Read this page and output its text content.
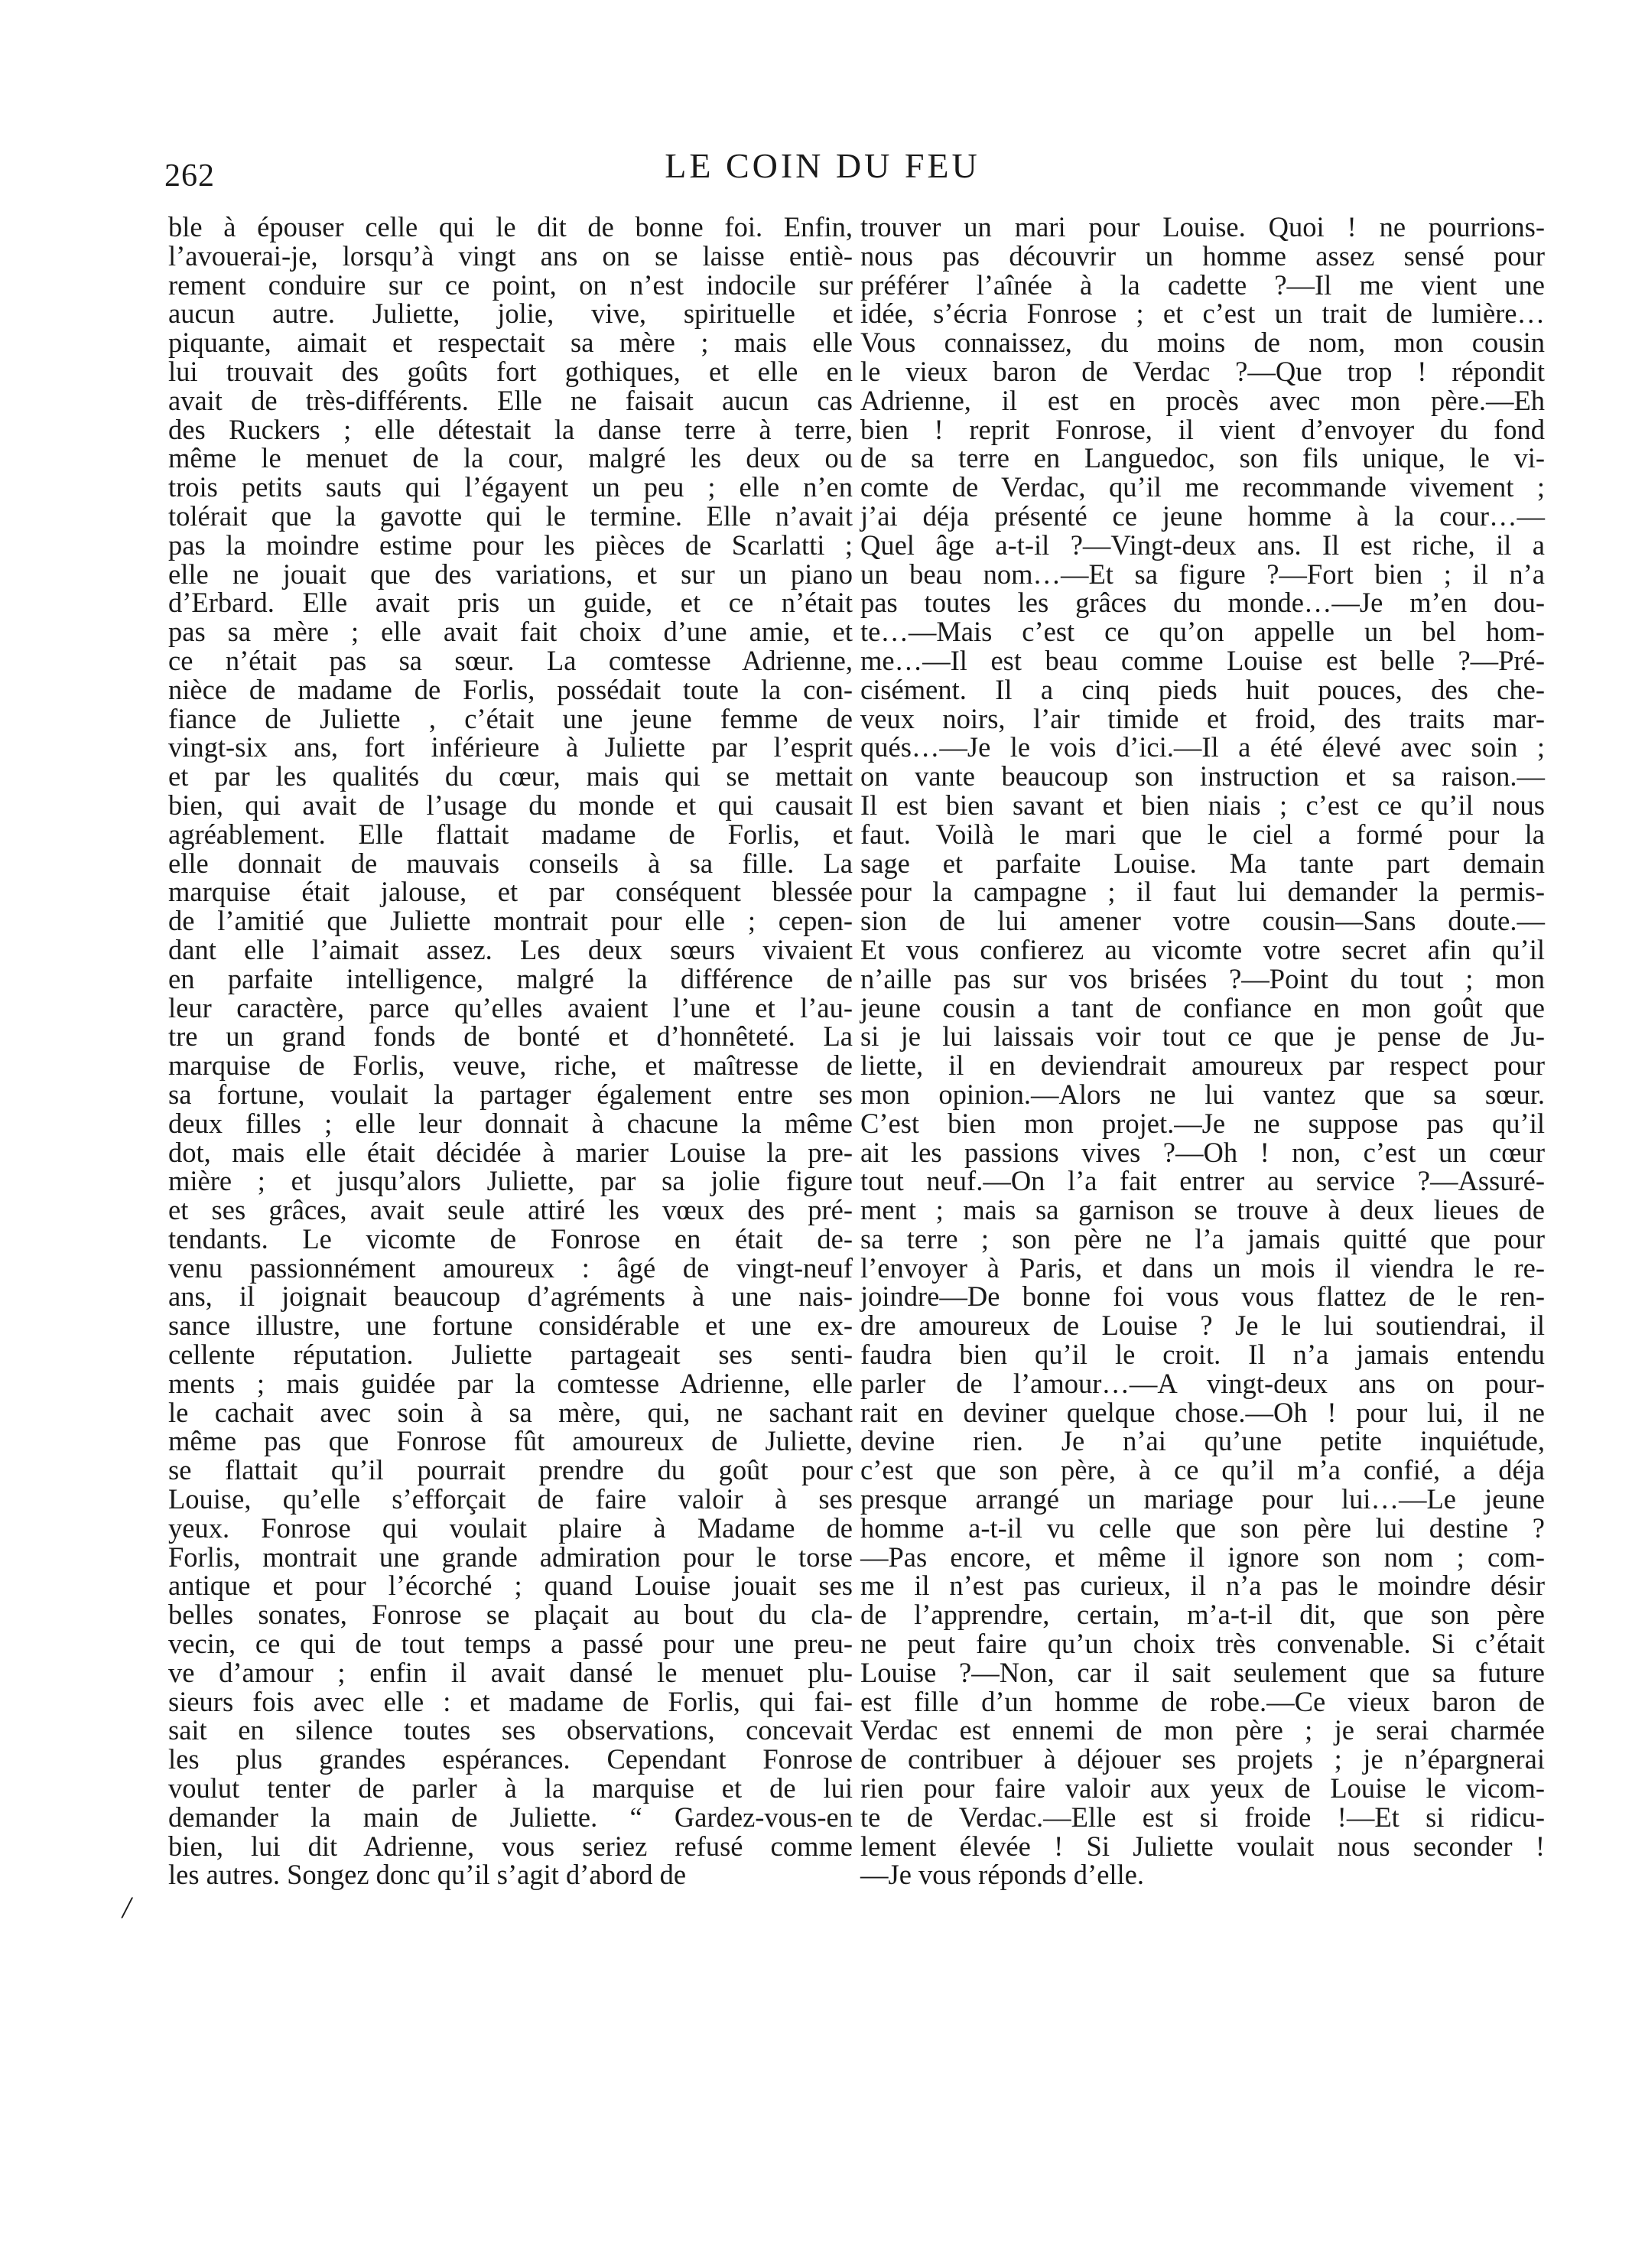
262	LE COIN DU FEU
/
ble à épouser celle qui le dit de bonne foi. Enfin,
l’avouerai-je, lorsqu’à vingt ans on se laisse entiè-
rement conduire sur ce point, on n’est indocile sur
aucun autre. Juliette, jolie, vive, spirituelle et
piquante, aimait et respectait sa mère ; mais elle
lui trouvait des goûts fort gothiques, et elle en
avait de très-différents. Elle ne faisait aucun cas
des Ruckers ; elle détestait la danse terre à terre,
même le menuet de la cour, malgré les deux ou
trois petits sauts qui l’égayent un peu ; elle n’en
tolérait que la gavotte qui le termine. Elle n’avait
pas la moindre estime pour les pièces de Scarlatti ;
elle ne jouait que des variations, et sur un piano
d’Erbard. Elle avait pris un guide, et ce n’était
pas sa mère ; elle avait fait choix d’une amie, et
ce n’était pas sa sœur. La comtesse Adrienne,
nièce de madame de Forlis, possédait toute la con-
fiance de Juliette , c’était une jeune femme de
vingt-six ans, fort inférieure à Juliette par l’esprit
et par les qualités du cœur, mais qui se mettait
bien, qui avait de l’usage du monde et qui causait
agréablement. Elle flattait madame de Forlis, et
elle donnait de mauvais conseils à sa fille. La
marquise était jalouse, et par conséquent blessée
de l’amitié que Juliette montrait pour elle ; cepen-
dant elle l’aimait assez. Les deux sœurs vivaient
en parfaite intelligence, malgré la différence de
leur caractère, parce qu’elles avaient l’une et l’au-
tre un grand fonds de bonté et d’honnêteté. La
marquise de Forlis, veuve, riche, et maîtresse de
sa fortune, voulait la partager également entre ses
deux filles ; elle leur donnait à chacune la même
dot, mais elle était décidée à marier Louise la pre-
mière ; et jusqu’alors Juliette, par sa jolie figure
et ses grâces, avait seule attiré les vœux des pré-
tendants. Le vicomte de Fonrose en était de-
venu passionnément amoureux : âgé de vingt-neuf
ans, il joignait beaucoup d’agréments à une nais-
sance illustre, une fortune considérable et une ex-
cellente réputation. Juliette partageait ses senti-
ments ; mais guidée par la comtesse Adrienne, elle
le cachait avec soin à sa mère, qui, ne sachant
même pas que Fonrose fût amoureux de Juliette,
se flattait qu’il pourrait prendre du goût pour
Louise, qu’elle s’efforçait de faire valoir à ses
yeux. Fonrose qui voulait plaire à Madame de
Forlis, montrait une grande admiration pour le torse
antique et pour l’écorché ; quand Louise jouait ses
belles sonates, Fonrose se plaçait au bout du cla-
vecin, ce qui de tout temps a passé pour une preu-
ve d’amour ; enfin il avait dansé le menuet plu-
sieurs fois avec elle : et madame de Forlis, qui fai-
sait en silence toutes ses observations, concevait
les plus grandes espérances. Cependant Fonrose
voulut tenter de parler à la marquise et de lui
demander la main de Juliette. “ Gardez-vous-en
bien, lui dit Adrienne, vous seriez refusé comme
les autres. Songez donc qu’il s’agit d’abord de
trouver un mari pour Louise. Quoi ! ne pourrions-
nous pas découvrir un homme assez sensé pour
préférer l’aînée à la cadette ?—Il me vient une
idée, s’écria Fonrose ; et c’est un trait de lumière…
Vous connaissez, du moins de nom, mon cousin
le vieux baron de Verdac ?—Que trop ! répondit
Adrienne, il est en procès avec mon père.—Eh
bien ! reprit Fonrose, il vient d’envoyer du fond
de sa terre en Languedoc, son fils unique, le vi-
comte de Verdac, qu’il me recommande vivement ;
j’ai déja présenté ce jeune homme à la cour…—
Quel âge a-t-il ?—Vingt-deux ans. Il est riche, il a
un beau nom…—Et sa figure ?—Fort bien ; il n’a
pas toutes les grâces du monde…—Je m’en dou-
te…—Mais c’est ce qu’on appelle un bel hom-
me…—Il est beau comme Louise est belle ?—Pré-
cisément. Il a cinq pieds huit pouces, des che-
veux noirs, l’air timide et froid, des traits mar-
qués…—Je le vois d’ici.—Il a été élevé avec soin ;
on vante beaucoup son instruction et sa raison.—
Il est bien savant et bien niais ; c’est ce qu’il nous
faut. Voilà le mari que le ciel a formé pour la
sage et parfaite Louise. Ma tante part demain
pour la campagne ; il faut lui demander la permis-
sion de lui amener votre cousin—Sans doute.—
Et vous confierez au vicomte votre secret afin qu’il
n’aille pas sur vos brisées ?—Point du tout ; mon
jeune cousin a tant de confiance en mon goût que
si je lui laissais voir tout ce que je pense de Ju-
liette, il en deviendrait amoureux par respect pour
mon opinion.—Alors ne lui vantez que sa sœur.
C’est bien mon projet.—Je ne suppose pas qu’il
ait les passions vives ?—Oh ! non, c’est un cœur
tout neuf.—On l’a fait entrer au service ?—Assuré-
ment ; mais sa garnison se trouve à deux lieues de
sa terre ; son père ne l’a jamais quitté que pour
l’envoyer à Paris, et dans un mois il viendra le re-
joindre—De bonne foi vous vous flattez de le ren-
dre amoureux de Louise ? Je le lui soutiendrai, il
faudra bien qu’il le croit. Il n’a jamais entendu
parler de l’amour…—A vingt-deux ans on pour-
rait en deviner quelque chose.—Oh ! pour lui, il ne
devine rien. Je n’ai qu’une petite inquiétude,
c’est que son père, à ce qu’il m’a confié, a déja
presque arrangé un mariage pour lui…—Le jeune
homme a-t-il vu celle que son père lui destine ?
—Pas encore, et même il ignore son nom ; com-
me il n’est pas curieux, il n’a pas le moindre désir
de l’apprendre, certain, m’a-t-il dit, que son père
ne peut faire qu’un choix très convenable. Si c’était
Louise ?—Non, car il sait seulement que sa future
est fille d’un homme de robe.—Ce vieux baron de
Verdac est ennemi de mon père ; je serai charmée
de contribuer à déjouer ses projets ; je n’épargnerai
rien pour faire valoir aux yeux de Louise le vicom-
te de Verdac.—Elle est si froide !—Et si ridicu-
lement élevée ! Si Juliette voulait nous seconder !
—Je vous réponds d’elle.
